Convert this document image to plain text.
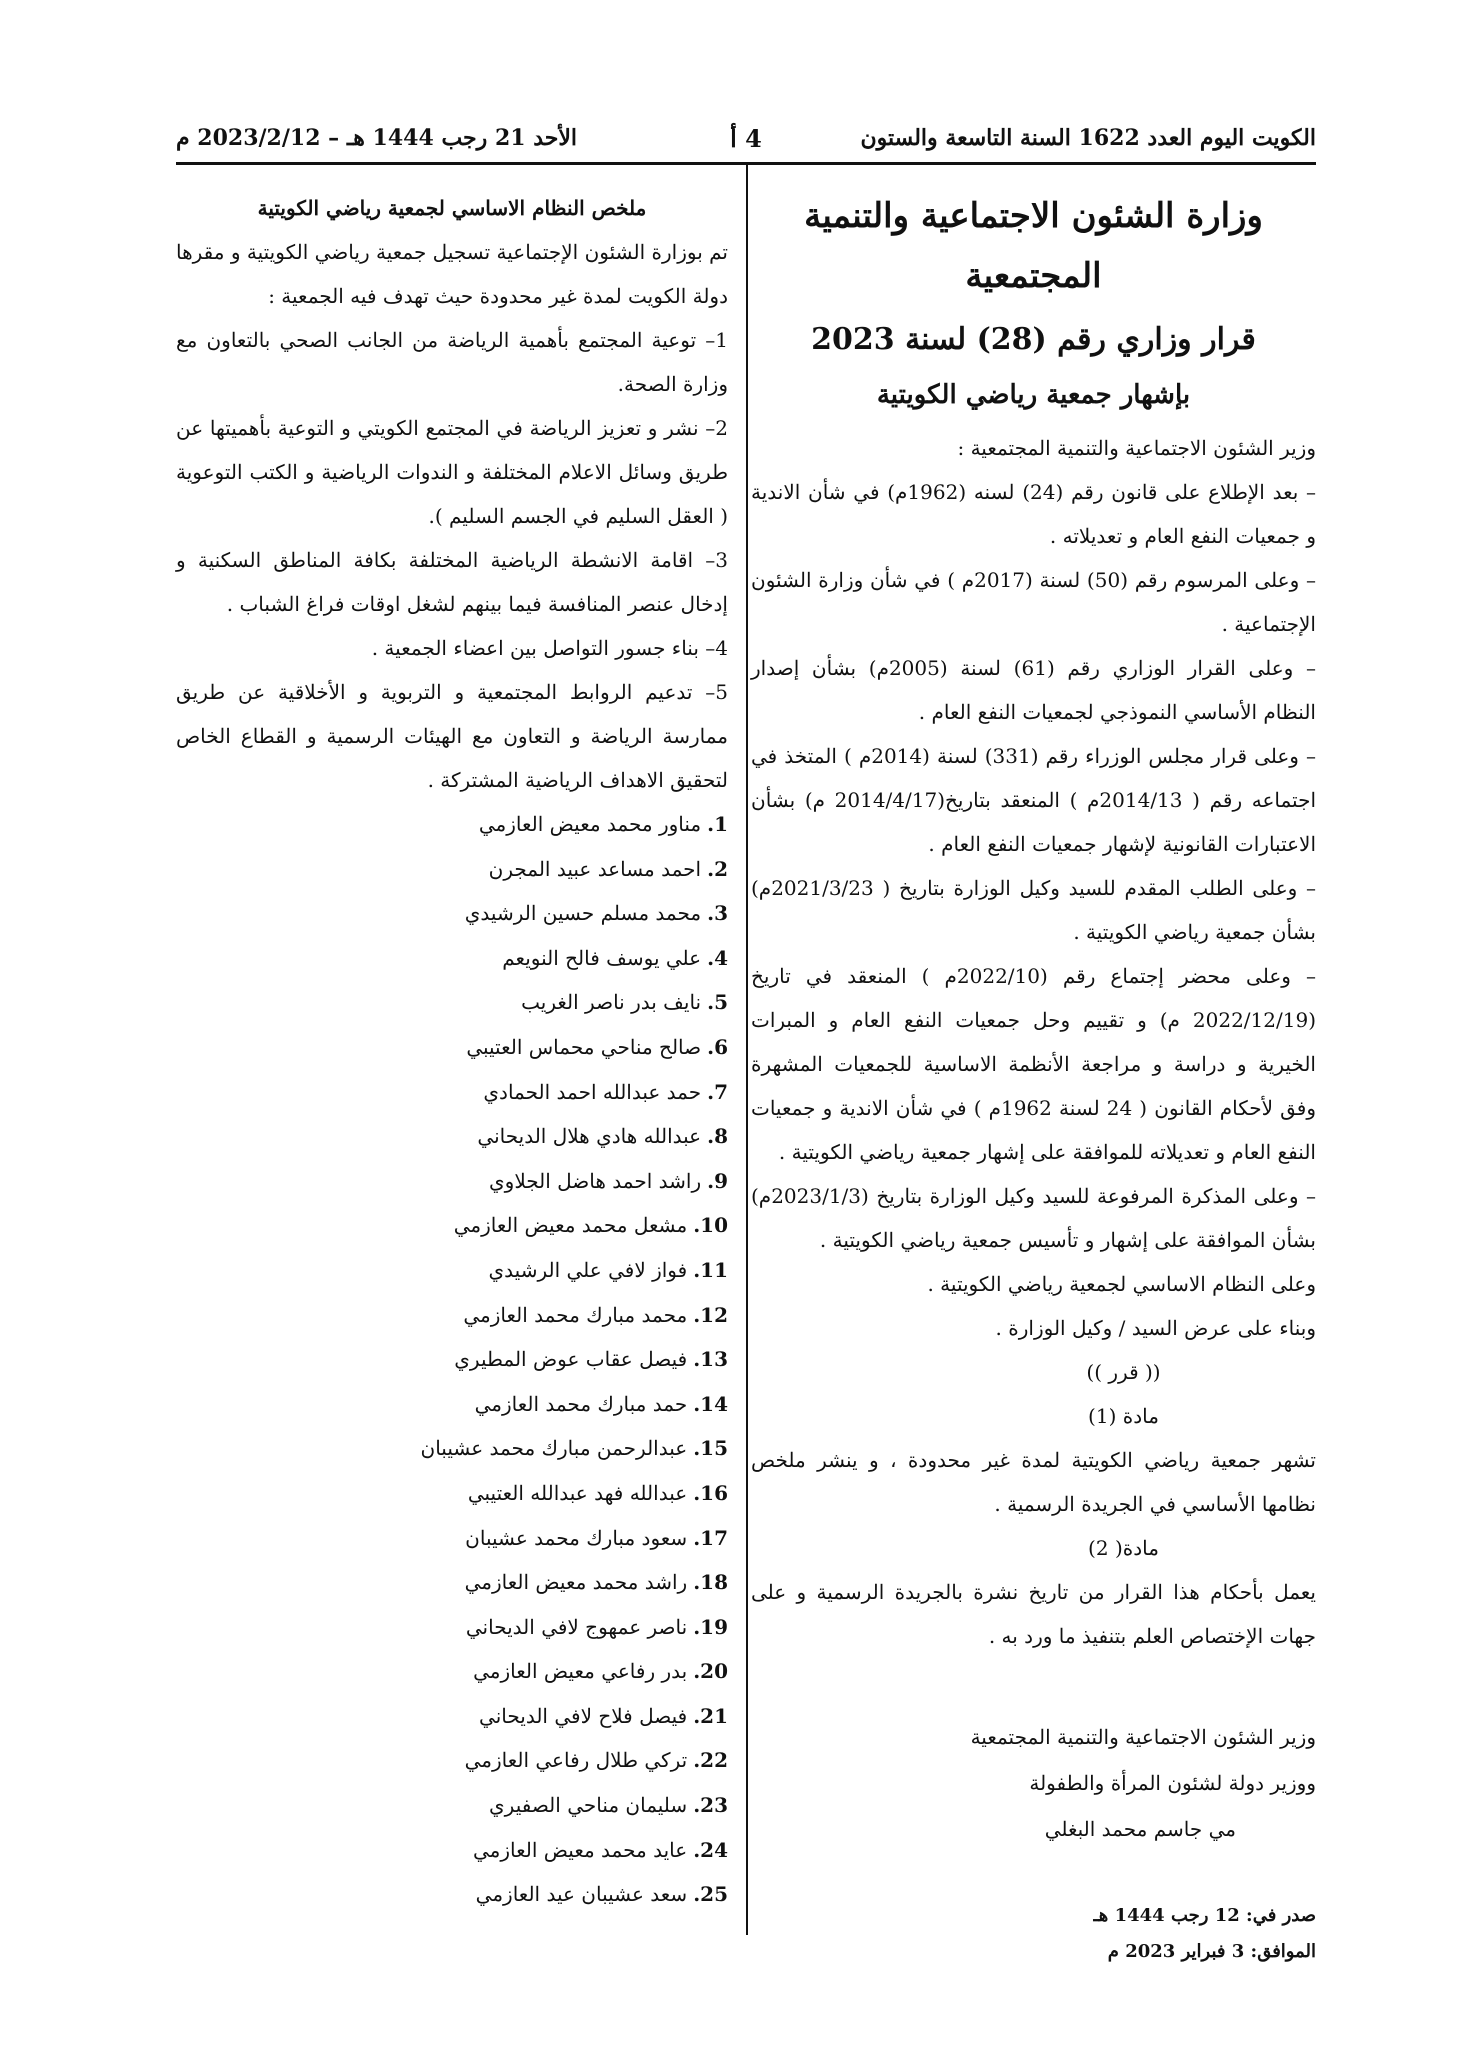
الكويت اليوم العدد 1622 السنة التاسعة والستون
4 أ
الأحد 21 رجب 1444 هـ – 2023/2/12 م
وزارة الشئون الاجتماعية والتنمية المجتمعية
قرار وزاري رقم (28) لسنة 2023
بإشهار جمعية رياضي الكويتية

وزير الشئون الاجتماعية والتنمية المجتمعية :

– بعد الإطلاع على قانون رقم (24) لسنه (1962م) في شأن الاندية و جمعيات النفع العام و تعديلاته .

– وعلى المرسوم رقم (50) لسنة (2017م ) في شأن وزارة الشئون الإجتماعية .

– وعلى القرار الوزاري رقم (61) لسنة (2005م) بشأن إصدار النظام الأساسي النموذجي لجمعيات النفع العام .

– وعلى قرار مجلس الوزراء رقم (331) لسنة (2014م ) المتخذ في اجتماعه رقم ( 2014/13م ) المنعقد بتاريخ(2014/4/17 م) بشأن الاعتبارات القانونية لإشهار جمعيات النفع العام .

– وعلى الطلب المقدم للسيد وكيل الوزارة بتاريخ ( 2021/3/23م) بشأن جمعية رياضي الكويتية .

– وعلى محضر إجتماع رقم (2022/10م ) المنعقد في تاريخ (2022/12/19 م) و تقييم وحل جمعيات النفع العام و المبرات الخيرية و دراسة و مراجعة الأنظمة الاساسية للجمعيات المشهرة وفق لأحكام القانون ( 24 لسنة 1962م ) في شأن الاندية و جمعيات النفع العام و تعديلاته للموافقة على إشهار جمعية رياضي الكويتية .

– وعلى المذكرة المرفوعة للسيد وكيل الوزارة بتاريخ (2023/1/3م) بشأن الموافقة على إشهار و تأسيس جمعية رياضي الكويتية .

وعلى النظام الاساسي لجمعية رياضي الكويتية .

وبناء على عرض السيد / وكيل الوزارة .

(( قرر ))

مادة (1)

تشهر جمعية رياضي الكويتية لمدة غير محدودة ، و ينشر ملخص نظامها الأساسي في الجريدة الرسمية .

مادة( 2)

يعمل بأحكام هذا القرار من تاريخ نشرة بالجريدة الرسمية و على جهات الإختصاص العلم بتنفيذ ما ورد به .

وزير الشئون الاجتماعية والتنمية المجتمعية

ووزير دولة لشئون المرأة والطفولة

مي جاسم محمد البغلي

صدر في: 12 رجب 1444 هـ
الموافق: 3 فبراير 2023 م

ملخص النظام الاساسي لجمعية رياضي الكويتية

تم بوزارة الشئون الإجتماعية تسجيل جمعية رياضي الكويتية و مقرها دولة الكويت لمدة غير محدودة حيث تهدف فيه الجمعية :

1– توعية المجتمع بأهمية الرياضة من الجانب الصحي بالتعاون مع وزارة الصحة.

2– نشر و تعزيز الرياضة في المجتمع الكويتي و التوعية بأهميتها عن طريق وسائل الاعلام المختلفة و الندوات الرياضية و الكتب التوعوية ( العقل السليم في الجسم السليم ).

3– اقامة الانشطة الرياضية المختلفة بكافة المناطق السكنية و إدخال عنصر المنافسة فيما بينهم لشغل اوقات فراغ الشباب .

4– بناء جسور التواصل بين اعضاء الجمعية .

5– تدعيم الروابط المجتمعية و التربوية و الأخلاقية عن طريق ممارسة الرياضة و التعاون مع الهيئات الرسمية و القطاع الخاص لتحقيق الاهداف الرياضية المشتركة .

1.
مناور محمد معيض العازمي
2.
احمد مساعد عبيد المجرن
3.
محمد مسلم حسين الرشيدي
4.
علي يوسف فالح النويعم
5.
نايف بدر ناصر الغريب
6.
صالح مناحي محماس العتيبي
7.
حمد عبدالله احمد الحمادي
8.
عبدالله هادي هلال الديحاني
9.
راشد احمد هاضل الجلاوي
10.
مشعل محمد معيض العازمي
11.
فواز لافي علي الرشيدي
12.
محمد مبارك محمد العازمي
13.
فيصل عقاب عوض المطيري
14.
حمد مبارك محمد العازمي
15.
عبدالرحمن مبارك محمد عشيبان
16.
عبدالله فهد عبدالله العتيبي
17.
سعود مبارك محمد عشيبان
18.
راشد محمد معيض العازمي
19.
ناصر عمهوج لافي الديحاني
20.
بدر رفاعي معيض العازمي
21.
فيصل فلاح لافي الديحاني
22.
تركي طلال رفاعي العازمي
23.
سليمان مناحي الصفيري
24.
عايد محمد معيض العازمي
25.
سعد عشيبان عيد العازمي
